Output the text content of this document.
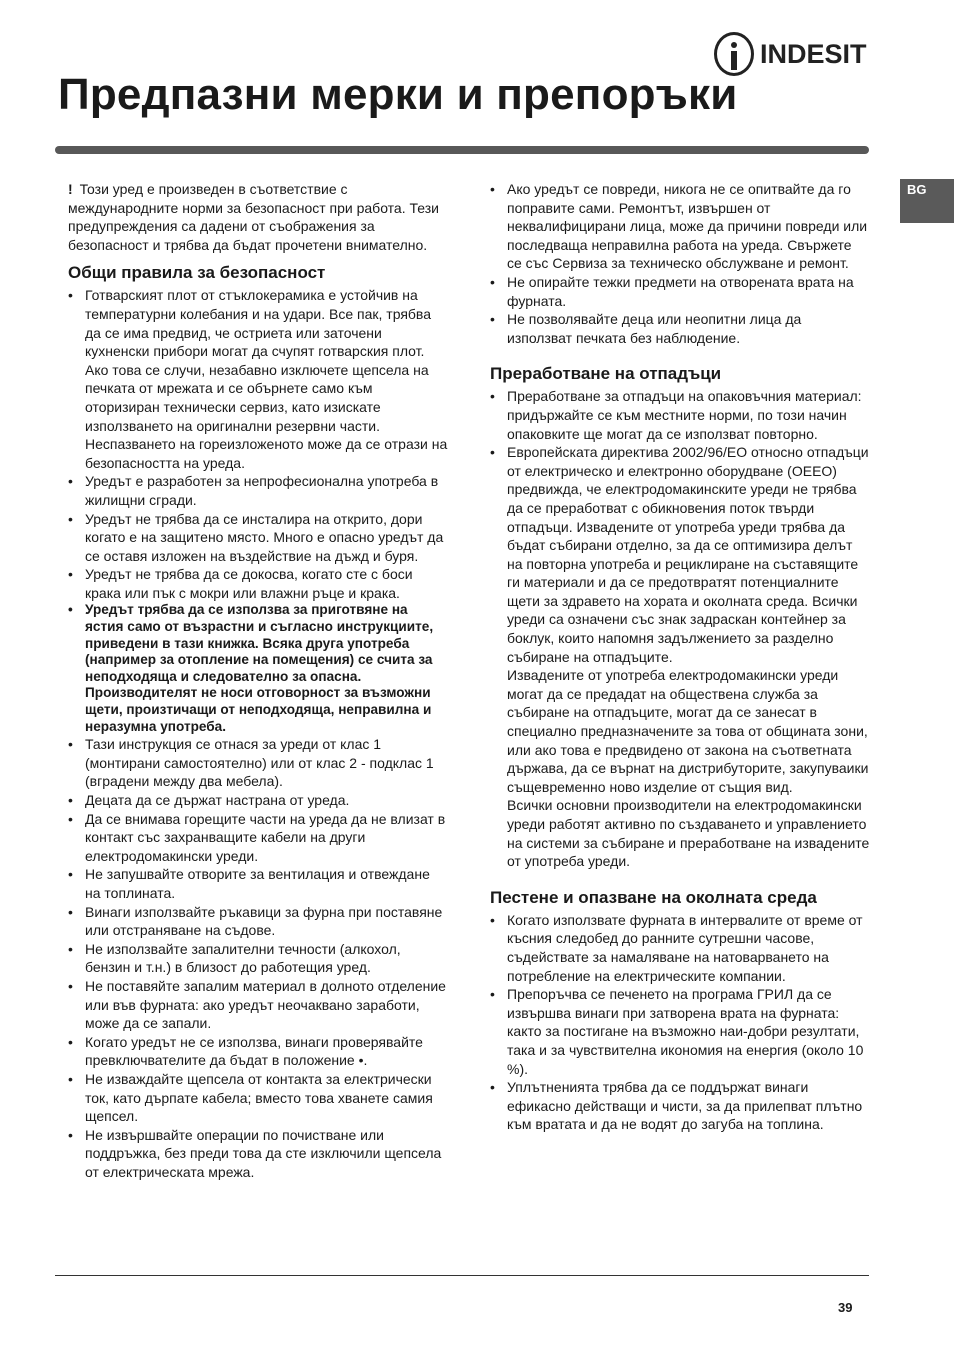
INDESIT
Предпазни мерки и препоръки
BG

! Този уред е произведен в съответствие с международните норми за безопасност при работа. Тези предупреждения са дадени от съображения за безопасност и трябва да бъдат прочетени внимателно.

Общи правила за безопасност
• Готварският плот от стъклокерамика е устойчив на температурни колебания и на удари. Все пак, трябва да се има предвид, че остриета или заточени кухненски прибори могат да счупят готварския плот. Ако това се случи, незабавно изключете щепсела на печката от мрежата и се обърнете само към оторизиран технически сервиз, като изискате използването на оригинални резервни части. Неспазването на гореизложеното може да се отрази на безопасността на уреда.
• Уредът е разработен за непрофесионална употреба в жилищни сгради.
• Уредът не трябва да се инсталира на открито, дори когато е на защитено място. Много е опасно уредът да се оставя изложен на въздействие на дъжд и буря.
• Уредът не трябва да се докосва, когато сте с боси крака или пък с мокри или влажни ръце и крака.
• Уредът трябва да се използва за приготвяне на ястия само от възрастни и съгласно инструкциите, приведени в тази книжка. Всяка друга употреба (например за отопление на помещения) се счита за неподходяща и следователно за опасна. Производителят не носи отговорност за възможни щети, произтичащи от неподходяща, неправилна и неразумна употреба.
• Тази инструкция се отнася за уреди от клас 1 (монтирани самостоятелно) или от клас 2 - подклас 1 (вградени между два мебела).
• Децата да се държат настрана от уреда.
• Да се внимава горещите части на уреда да не влизат в контакт със захранващите кабели на други електродомакински уреди.
• Не запушвайте отворите за вентилация и отвеждане на топлината.
• Винаги използвайте ръкавици за фурна при поставяне или отстраняване на съдове.
• Не използвайте запалителни течности (алкохол, бензин и т.н.) в близост до работещия уред.
• Не поставяйте запалим материал в долното отделение или във фурната: ако уредът неочаквано заработи, може да се запали.
• Когато уредът не се използва, винаги проверявайте превключвателите да бъдат в положение •.
• Не изваждайте щепсела от контакта за електрически ток, като дърпате кабела; вместо това хванете самия щепсел.
• Не извършвайте операции по почистване или поддръжка, без преди това да сте изключили щепсела от електрическата мрежа.
• Ако уредът се повреди, никога не се опитвайте да го поправите сами. Ремонтът, извършен от неквалифицирани лица, може да причини повреди или последваща неправилна работа на уреда. Свържете се със Сервиза за техническо обслужване и ремонт.
• Не опирайте тежки предмети на отворената врата на фурната.
• Не позволявайте деца или неопитни лица да използват печката без наблюдение.
Преработване на отпадъци
• Преработване за отпадъци на опаковъчния материал: придържайте се към местните норми, по този начин опаковките ще могат да се използват повторно.
• Европейската директива 2002/96/ЕО относно отпадъци от електрическо и електронно оборудване (ОЕЕО) предвижда, че електродомакинските уреди не трябва да се преработват с обикновения поток твърди отпадъци. Извадените от употреба уреди трябва да бъдат събирани отделно, за да се оптимизира делът на повторна употреба и рециклиране на съставящите ги материали и да се предотвратят потенциалните щети за здравето на хората и околната среда. Всички уреди са означени със знак задраскан контейнер за боклук, които напомня задължението за разделно събиране на отпадъците.
Извадените от употреба електродомакински уреди могат да се предадат на обществена служба за събиране на отпадъците, могат да се занесат в специално предназначените за това от общината зони, или ако това е предвидено от закона на съответната държава, да се върнат на дистрибуторите, закупуваики същевременно ново изделие от същия вид.
Всички основни производители на електродомакински уреди работят активно по създаването и управлението на системи за събиране и преработване на извадените от употреба уреди.
Пестене и опазване на околната среда
• Когато използвате фурната в интервалите от време от късния следобед до ранните сутрешни часове, съдействате за намаляване на натоварването на потребление на електрическите компании.
• Препоръчва се печенето на програма ГРИЛ да се извършва винаги при затворена врата на фурната: както за постигане на възможно наи-добри резултати, така и за чувствителна икономия на енергия (около 10 %).
• Уплътненията трябва да се поддържат винаги ефикасно действащи и чисти, за да прилепват плътно към вратата и да не водят до загуба на топлина.
39
